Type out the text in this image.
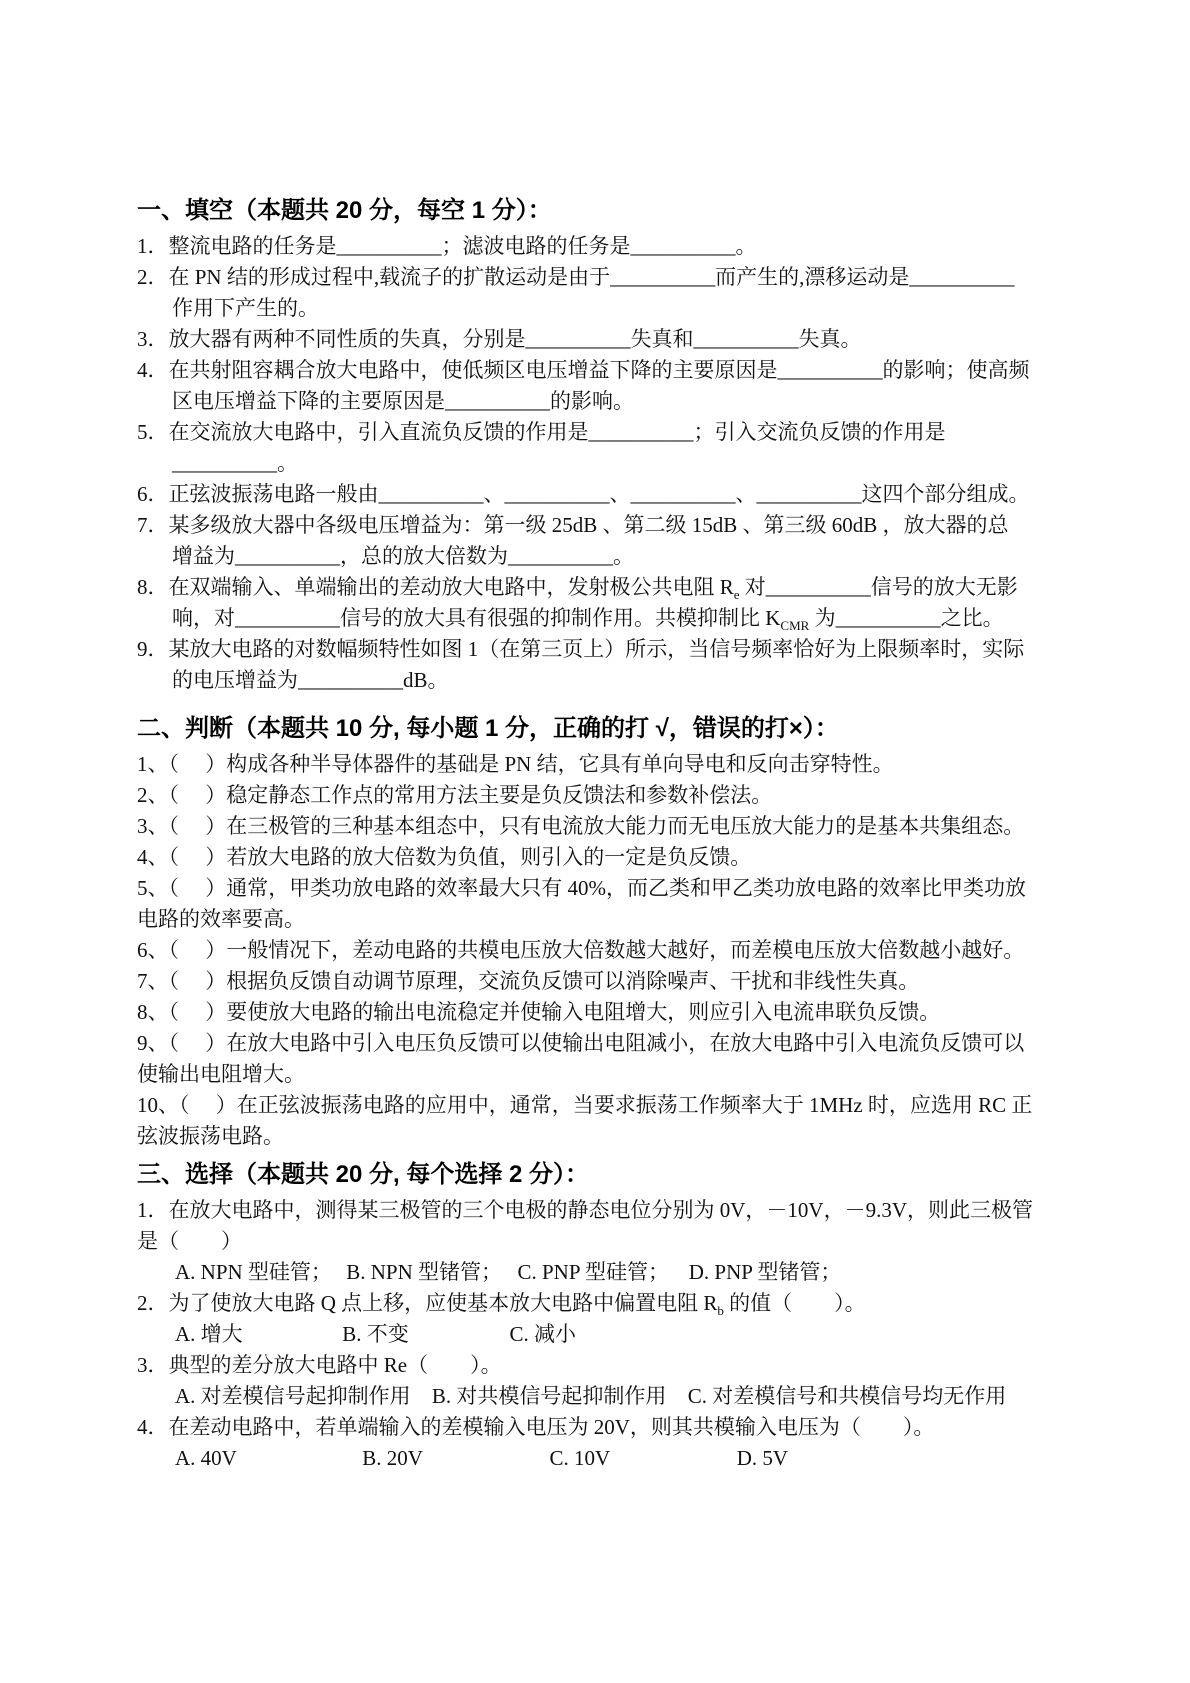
一、填空（本题共 20 分，每空 1 分）：
1．整流电路的任务是__________；滤波电路的任务是__________。
2．在 PN 结的形成过程中,载流子的扩散运动是由于__________而产生的,漂移运动是__________
作用下产生的。
3．放大器有两种不同性质的失真，分别是__________失真和__________失真。
4．在共射阻容耦合放大电路中，使低频区电压增益下降的主要原因是__________的影响；使高频
区电压增益下降的主要原因是__________的影响。
5．在交流放大电路中，引入直流负反馈的作用是__________；引入交流负反馈的作用是
__________。
6．正弦波振荡电路一般由__________、__________、__________、__________这四个部分组成。
7．某多级放大器中各级电压增益为：第一级 25dB 、第二级 15dB 、第三级 60dB ，放大器的总
增益为__________，总的放大倍数为__________。
8．在双端输入、单端输出的差动放大电路中，发射极公共电阻 $R_e$ 对__________信号的放大无影
响，对__________信号的放大具有很强的抑制作用。共模抑制比 $K_{CMR}$ 为__________之比。
9．某放大电路的对数幅频特性如图 1（在第三页上）所示，当信号频率恰好为上限频率时，实际
的电压增益为__________dB。
二、判断（本题共 10 分, 每小题 1 分，正确的打 √，错误的打×）：
1、（　 ）构成各种半导体器件的基础是 PN 结，它具有单向导电和反向击穿特性。
2、（　 ）稳定静态工作点的常用方法主要是负反馈法和参数补偿法。
3、（　 ）在三极管的三种基本组态中，只有电流放大能力而无电压放大能力的是基本共集组态。
4、（　 ）若放大电路的放大倍数为负值，则引入的一定是负反馈。
5、（　 ）通常，甲类功放电路的效率最大只有 40%，而乙类和甲乙类功放电路的效率比甲类功放
电路的效率要高。
6、（　 ）一般情况下，差动电路的共模电压放大倍数越大越好，而差模电压放大倍数越小越好。
7、（　 ）根据负反馈自动调节原理，交流负反馈可以消除噪声、干扰和非线性失真。
8、（　 ）要使放大电路的输出电流稳定并使输入电阻增大，则应引入电流串联负反馈。
9、（　 ）在放大电路中引入电压负反馈可以使输出电阻减小，在放大电路中引入电流负反馈可以
使输出电阻增大。
10、（　 ）在正弦波振荡电路的应用中，通常，当要求振荡工作频率大于 1MHz 时，应选用 RC 正
弦波振荡电路。
三、选择（本题共 20 分, 每个选择 2 分）：
1．在放大电路中，测得某三极管的三个电极的静态电位分别为 0V，－10V，－9.3V，则此三极管
是（　　）
A. NPN 型硅管； B. NPN 型锗管； C. PNP 型硅管； D. PNP 型锗管；
2．为了使放大电路 Q 点上移，应使基本放大电路中偏置电阻 $R_b$ 的值（　　）。
A. 增大	B. 不变	C. 减小
3．典型的差分放大电路中 Re（　　）。
A. 对差模信号起抑制作用 B. 对共模信号起抑制作用 C. 对差模信号和共模信号均无作用
4．在差动电路中，若单端输入的差模输入电压为 20V，则其共模输入电压为（　　）。
A. 40V	B. 20V	C. 10V	D. 5V
